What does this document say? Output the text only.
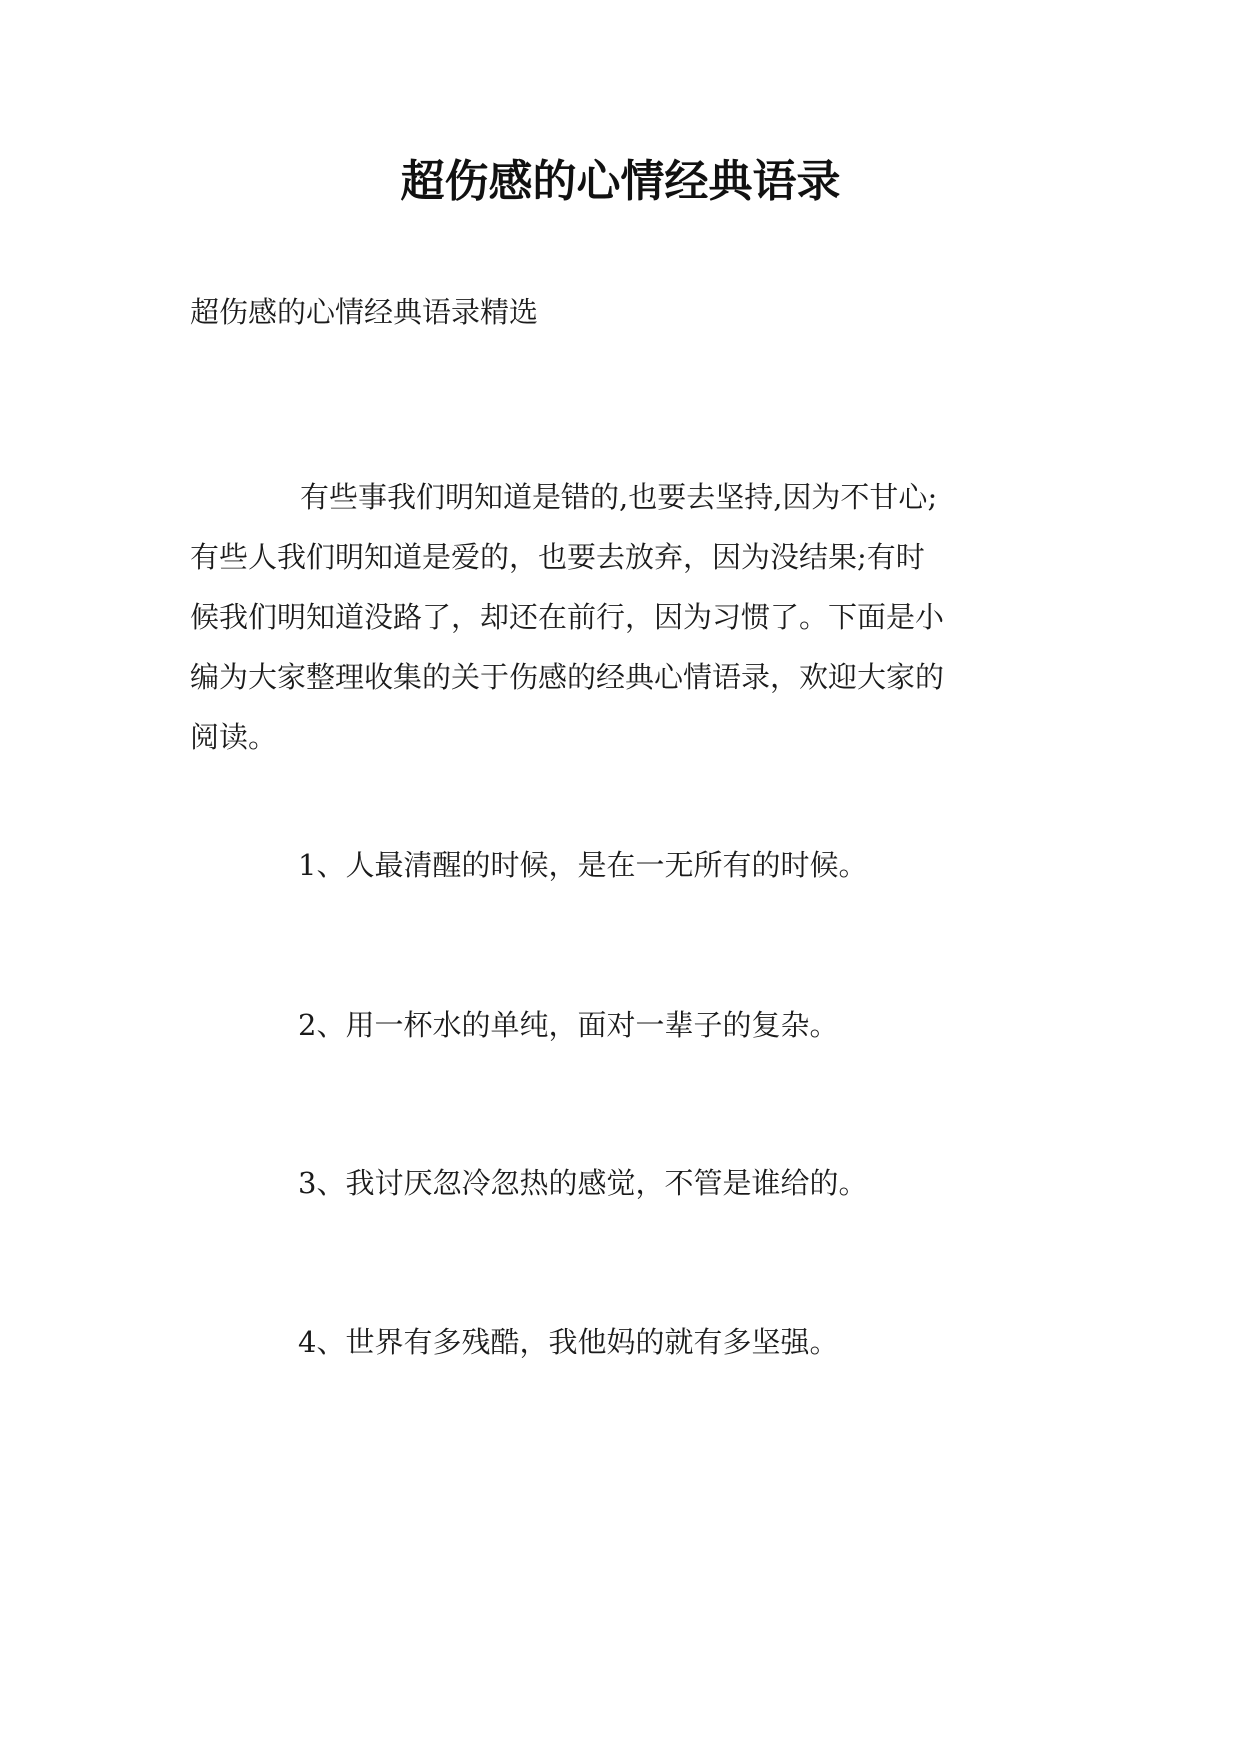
超伤感的心情经典语录

超伤感的心情经典语录精选

有些事我们明知道是错的,也要去坚持,因为不甘心;
有些人我们明知道是爱的，也要去放弃，因为没结果;有时
候我们明知道没路了，却还在前行，因为习惯了。下面是小
编为大家整理收集的关于伤感的经典心情语录，欢迎大家的
阅读。

1、人最清醒的时候，是在一无所有的时候。

2、用一杯水的单纯，面对一辈子的复杂。

3、我讨厌忽冷忽热的感觉，不管是谁给的。

4、世界有多残酷，我他妈的就有多坚强。
